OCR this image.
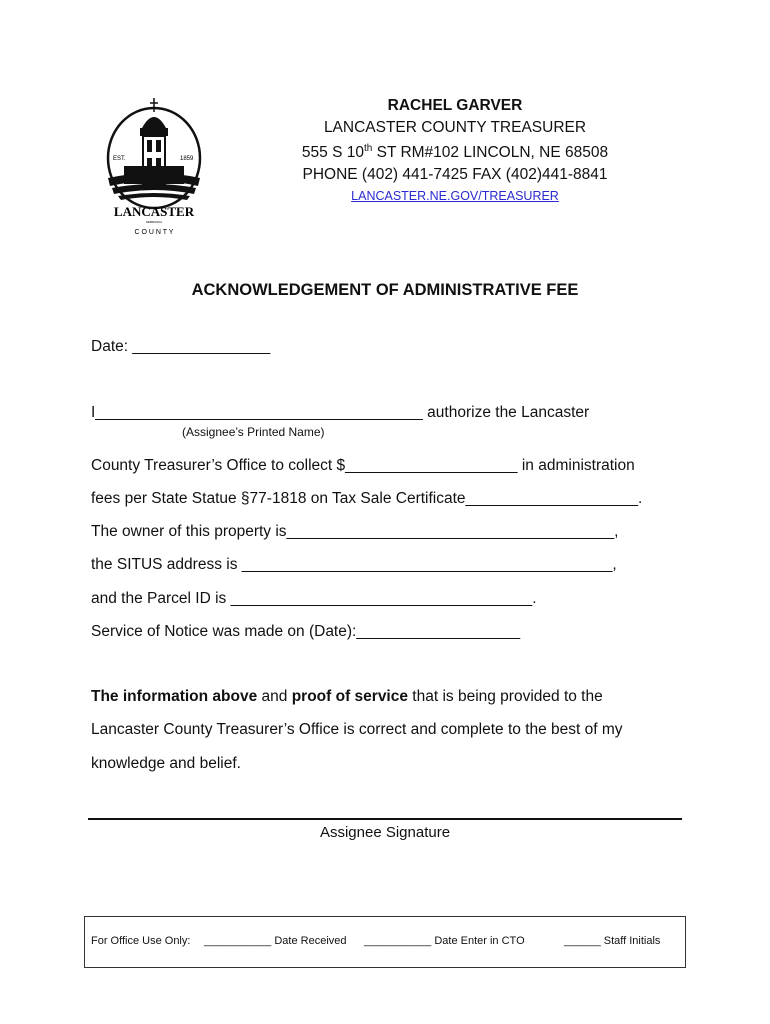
EST.	1859
LANCASTER
NEBRASKA
C O U N T Y
RACHEL GARVER
LANCASTER COUNTY TREASURER
555 S 10th ST RM#102 LINCOLN, NE 68508
PHONE (402) 441-7425 FAX (402)441-8841
LANCASTER.NE.GOV/TREASURER
ACKNOWLEDGEMENT OF ADMINISTRATIVE FEE
Date: ________________
I______________________________________ authorize the Lancaster
(Assignee’s Printed Name)
County Treasurer’s Office to collect $____________________ in administration
fees per State Statue §77-1818 on Tax Sale Certificate____________________.
The owner of this property is______________________________________,
the SITUS address is ___________________________________________,
and the Parcel ID is ___________________________________.
Service of Notice was made on (Date):___________________
The information above and proof of service that is being provided to the
Lancaster County Treasurer’s Office is correct and complete to the best of my
knowledge and belief.
Assignee Signature
For Office Use Only: ___________ Date Received ___________ Date Enter in CTO	______ Staff Initials
